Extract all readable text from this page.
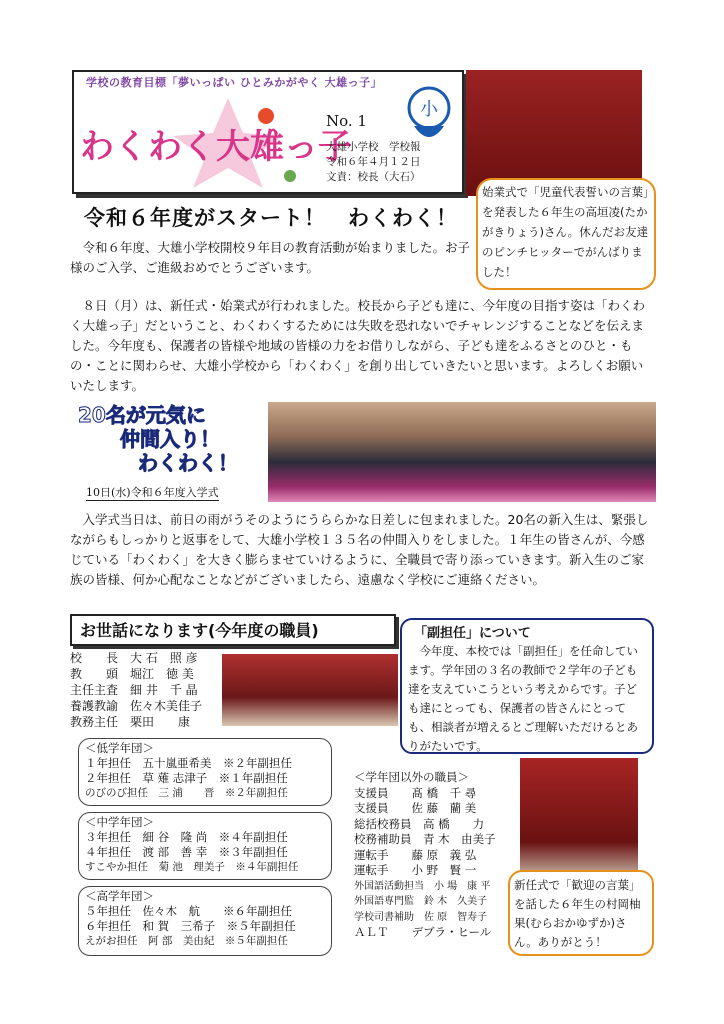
学校の教育目標「夢いっぱい ひとみかがやく 大雄っ子」
わくわく大雄っ子
No. 1
大雄小学校　学校報
令和６年４月１２日
文責：校長（大石）
小
始業式で「児童代表誓いの言葉」を発表した６年生の高垣凌(たかがきりょう)さん。休んだお友達のピンチヒッターでがんばりました！
令和６年度がスタート！　わくわく！
　令和６年度、大雄小学校開校９年目の教育活動が始まりました。お子様のご入学、ご進級おめでとうございます。
　８日（月）は、新任式・始業式が行われました。校長から子ども達に、今年度の目指す姿は「わくわく大雄っ子」だということ、わくわくするためには失敗を恐れないでチャレンジすることなどを伝えました。今年度も、保護者の皆様や地域の皆様の力をお借りしながら、子ども達をふるさとのひと・もの・ことに関わらせ、大雄小学校から「わくわく」を創り出していきたいと思います。よろしくお願いいたします。
20名が元気に
仲間入り！
わくわく！
10日(水)令和６年度入学式
　入学式当日は、前日の雨がうそのようにうららかな日差しに包まれました。20名の新入生は、緊張しながらもしっかりと返事をして、大雄小学校１３５名の仲間入りをしました。１年生の皆さんが、今感じている「わくわく」を大きく膨らませていけるように、全職員で寄り添っていきます。新入生のご家族の皆様、何か心配なことなどがございましたら、遠慮なく学校にご連絡ください。
お世話になります(今年度の職員)
校　　長　大 石　照 彦
教　　頭　堀江　徳 美
主任主査　細 井　千 晶
養護教諭　佐々木美佳子
教務主任　栗田　　康
＜低学年団＞
１年担任　五十嵐亜希美　※２年副担任
２年担任　草 薙 志津子　※１年副担任
のびのび担任　三 浦　　晋　※２年副担任
＜中学年団＞
３年担任　細 谷　隆 尚　※４年副担任
４年担任　渡 部　善 幸　※３年副担任
すこやか担任　菊 池　理美子　※４年副担任
＜高学年団＞
５年担任　佐々木　航　　※６年副担任
６年担任　和 賀　三希子　※５年副担任
えがお担任　阿 部　美由紀　※５年副担任
＜学年団以外の職員＞
支援員　　髙 橋　千 尋
支援員　　佐 藤　藺 美
総括校務員　高 橋　　力
校務補助員　青 木　由美子
運転手　　藤 原　義 弘
運転手　　小 野　賢 一
外国語活動担当　小 場　康 平
外国語専門監　鈴 木　久美子
学校司書補助　佐 原　智寿子
ＡＬＴ　　デブラ・ヒール
「副担任」について
　今年度、本校では「副担任」を任命しています。学年団の３名の教師で２学年の子ども達を支えていこうという考えからです。子ども達にとっても、保護者の皆さんにとっても、相談者が増えるとご理解いただけるとありがたいです。
新任式で「歓迎の言葉」を話した６年生の村岡柚果(むらおかゆずか)さん。ありがとう！
